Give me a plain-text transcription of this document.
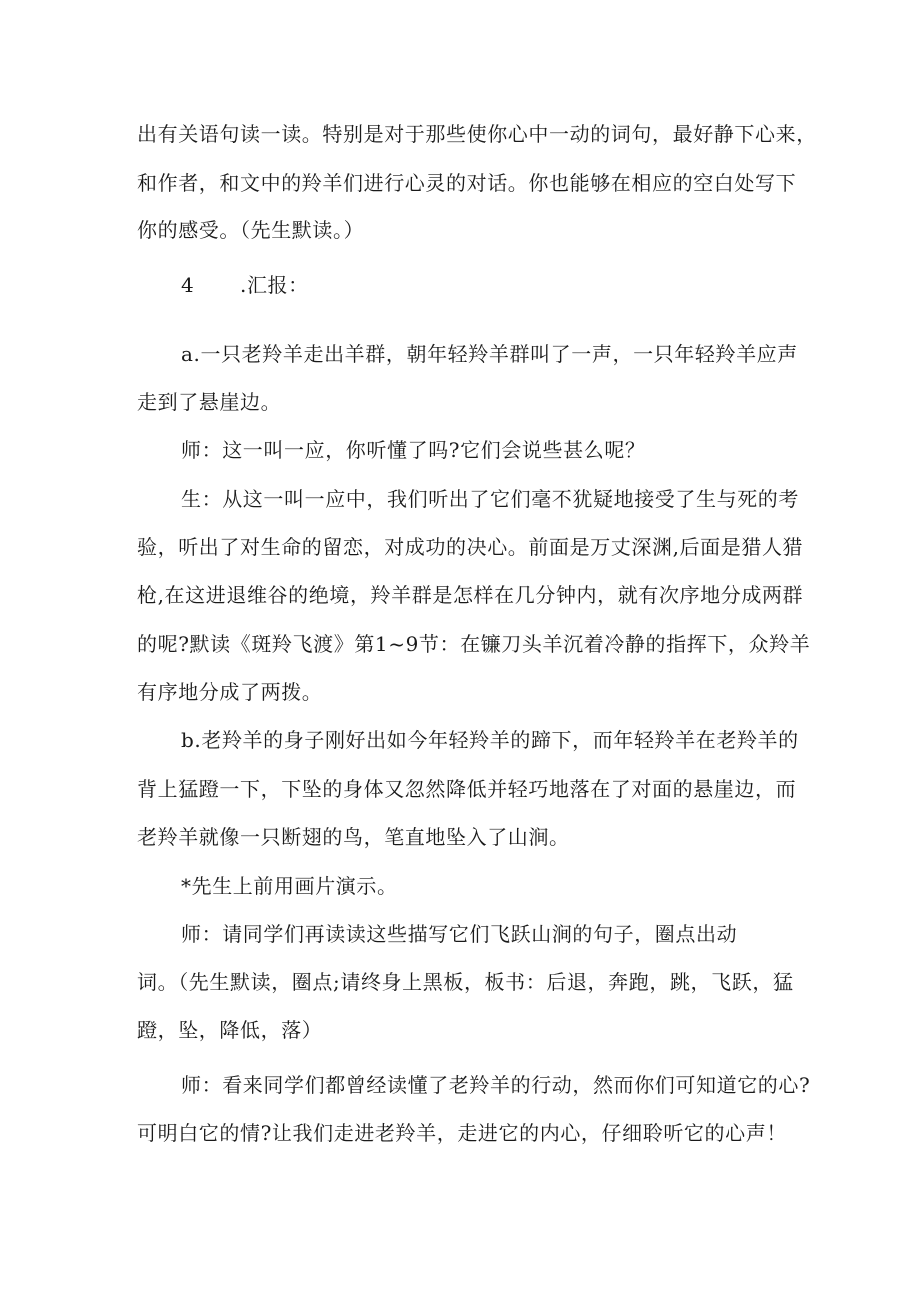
出有关语句读一读。特别是对于那些使你心中一动的词句，最好静下心来，
和作者，和文中的羚羊们进行心灵的对话。你也能够在相应的空白处写下
你的感受。（先生默读。）
4 .汇报：
a.一只老羚羊走出羊群，朝年轻羚羊群叫了一声，一只年轻羚羊应声
走到了悬崖边。
师：这一叫一应，你听懂了吗?它们会说些甚么呢？
生：从这一叫一应中，我们听出了它们毫不犹疑地接受了生与死的考
验，听出了对生命的留恋，对成功的决心。前面是万丈深渊,后面是猎人猎
枪,在这进退维谷的绝境，羚羊群是怎样在几分钟内，就有次序地分成两群
的呢?默读《斑羚飞渡》第1~9节：在镰刀头羊沉着冷静的指挥下，众羚羊
有序地分成了两拨。
b.老羚羊的身子刚好出如今年轻羚羊的蹄下，而年轻羚羊在老羚羊的
背上猛蹬一下，下坠的身体又忽然降低并轻巧地落在了对面的悬崖边，而
老羚羊就像一只断翅的鸟，笔直地坠入了山涧。
*先生上前用画片演示。
师：请同学们再读读这些描写它们飞跃山涧的句子，圈点出动
词。（先生默读，圈点;请终身上黑板，板书：后退，奔跑，跳，飞跃，猛
蹬，坠，降低，落）
师：看来同学们都曾经读懂了老羚羊的行动，然而你们可知道它的心?
可明白它的情?让我们走进老羚羊，走进它的内心，仔细聆听它的心声！
